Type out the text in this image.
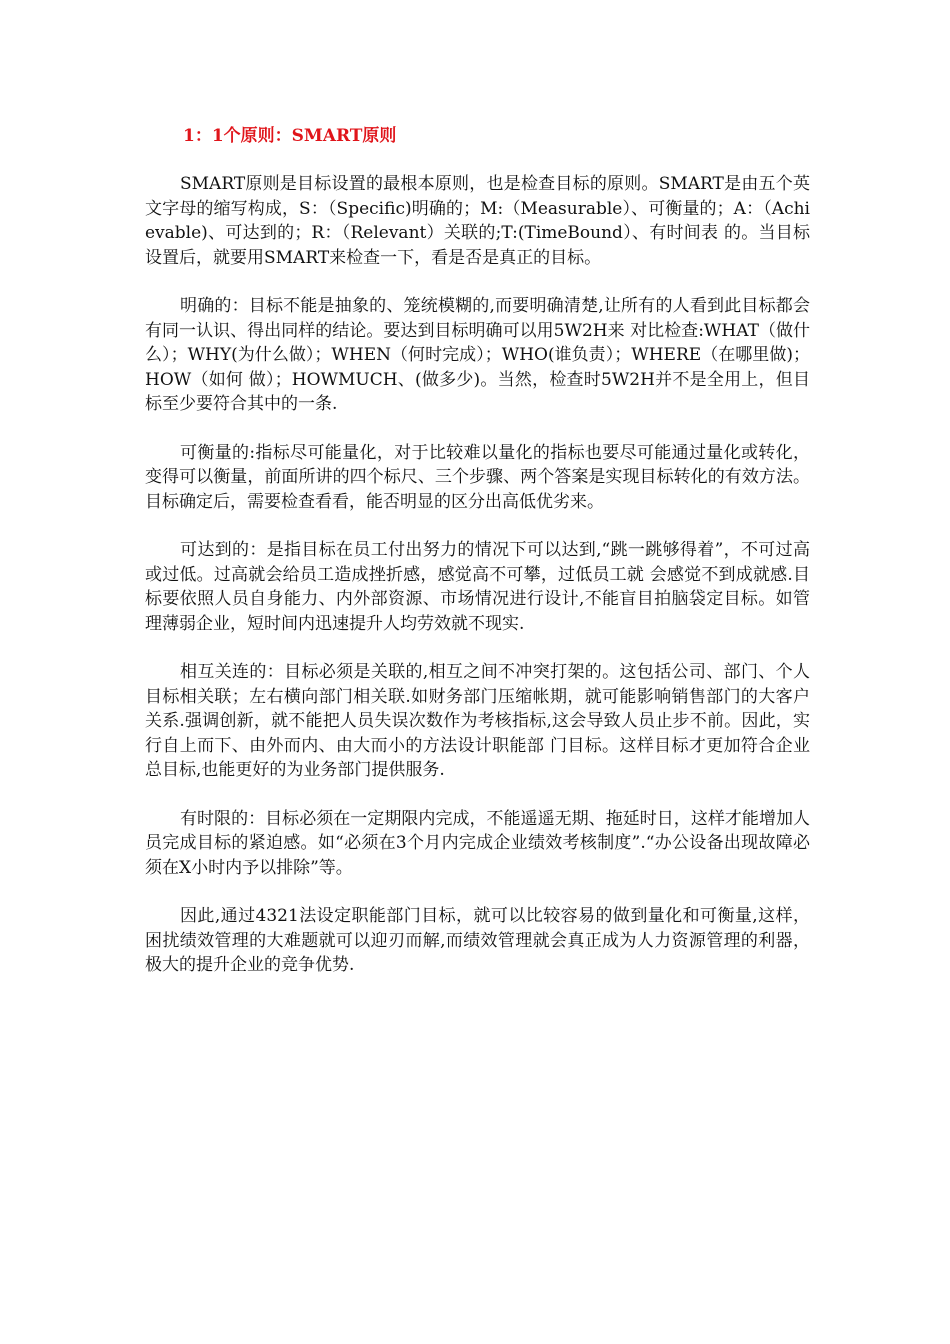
1：1个原则：SMART原则

SMART原则是目标设置的最根本原则，也是检查目标的原则。SMART是由五个英文字母的缩写构成，S：（Specific)明确的；M:（Measurable）、可衡量的；A：（Achievable)、可达到的；R：（Relevant）关联的;T:(TimeBound）、有时间表 的。当目标设置后，就要用SMART来检查一下，看是否是真正的目标。

明确的：目标不能是抽象的、笼统模糊的,而要明确清楚,让所有的人看到此目标都会有同一认识、得出同样的结论。要达到目标明确可以用5W2H来 对比检查:WHAT（做什么）；WHY(为什么做）；WHEN（何时完成）；WHO(谁负责）；WHERE（在哪里做)；HOW（如何 做）；HOWMUCH、(做多少)。当然，检查时5W2H并不是全用上，但目标至少要符合其中的一条.

可衡量的:指标尽可能量化，对于比较难以量化的指标也要尽可能通过量化或转化，变得可以衡量，前面所讲的四个标尺、三个步骤、两个答案是实现目标转化的有效方法。目标确定后，需要检查看看，能否明显的区分出高低优劣来。

可达到的：是指目标在员工付出努力的情况下可以达到,“跳一跳够得着”，不可过高或过低。过高就会给员工造成挫折感，感觉高不可攀，过低员工就 会感觉不到成就感.目标要依照人员自身能力、内外部资源、市场情况进行设计,不能盲目拍脑袋定目标。如管理薄弱企业，短时间内迅速提升人均劳效就不现实.

相互关连的：目标必须是关联的,相互之间不冲突打架的。这包括公司、部门、个人目标相关联；左右横向部门相关联.如财务部门压缩帐期，就可能影响销售部门的大客户关系.强调创新，就不能把人员失误次数作为考核指标,这会导致人员止步不前。因此，实行自上而下、由外而内、由大而小的方法设计职能部 门目标。这样目标才更加符合企业总目标,也能更好的为业务部门提供服务.

有时限的：目标必须在一定期限内完成，不能遥遥无期、拖延时日，这样才能增加人员完成目标的紧迫感。如“必须在3个月内完成企业绩效考核制度”.“办公设备出现故障必须在X小时内予以排除”等。

因此,通过4321法设定职能部门目标，就可以比较容易的做到量化和可衡量,这样，困扰绩效管理的大难题就可以迎刃而解,而绩效管理就会真正成为人力资源管理的利器，极大的提升企业的竞争优势.
